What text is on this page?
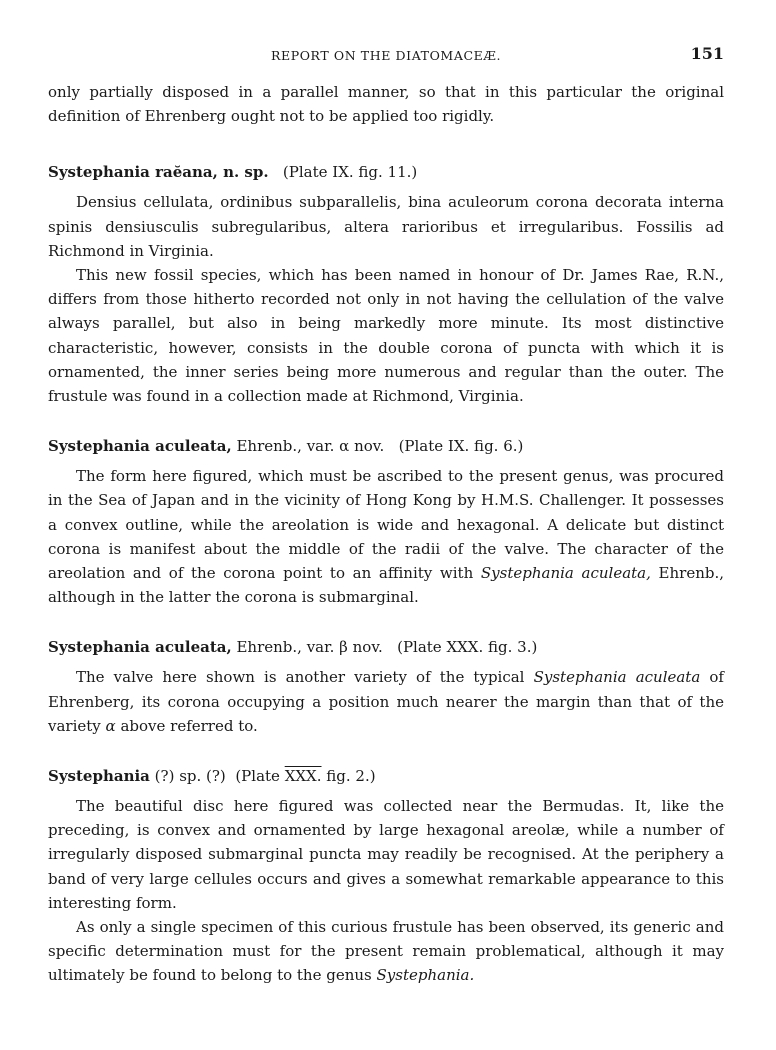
REPORT ON THE DIATOMACEÆ.	151

only partially disposed in a parallel manner, so that in this particular the original definition of Ehrenberg ought not to be applied too rigidly.

Systephania raĕana, n. sp. (Plate IX. fig. 11.)

Densius cellulata, ordinibus subparallelis, bina aculeorum corona decorata interna spinis densiusculis subregularibus, altera rarioribus et irregularibus. Fossilis ad Richmond in Virginia.

This new fossil species, which has been named in honour of Dr. James Rae, R.N., differs from those hitherto recorded not only in not having the cellulation of the valve always parallel, but also in being markedly more minute. Its most distinctive characteristic, however, consists in the double corona of puncta with which it is ornamented, the inner series being more numerous and regular than the outer. The frustule was found in a collection made at Richmond, Virginia.

Systephania aculeata, Ehrenb., var. α nov. (Plate IX. fig. 6.)

The form here figured, which must be ascribed to the present genus, was procured in the Sea of Japan and in the vicinity of Hong Kong by H.M.S. Challenger. It possesses a convex outline, while the areolation is wide and hexagonal. A delicate but distinct corona is manifest about the middle of the radii of the valve. The character of the areolation and of the corona point to an affinity with Systephania aculeata, Ehrenb., although in the latter the corona is submarginal.

Systephania aculeata, Ehrenb., var. β nov. (Plate XXX. fig. 3.)

The valve here shown is another variety of the typical Systephania aculeata of Ehrenberg, its corona occupying a position much nearer the margin than that of the variety α above referred to.

Systephania (?) sp. (?) (Plate XXX. fig. 2.)

The beautiful disc here figured was collected near the Bermudas. It, like the preceding, is convex and ornamented by large hexagonal areolæ, while a number of irregularly disposed submarginal puncta may readily be recognised. At the periphery a band of very large cellules occurs and gives a somewhat remarkable appearance to this interesting form.

As only a single specimen of this curious frustule has been observed, its generic and specific determination must for the present remain problematical, although it may ultimately be found to belong to the genus Systephania.
